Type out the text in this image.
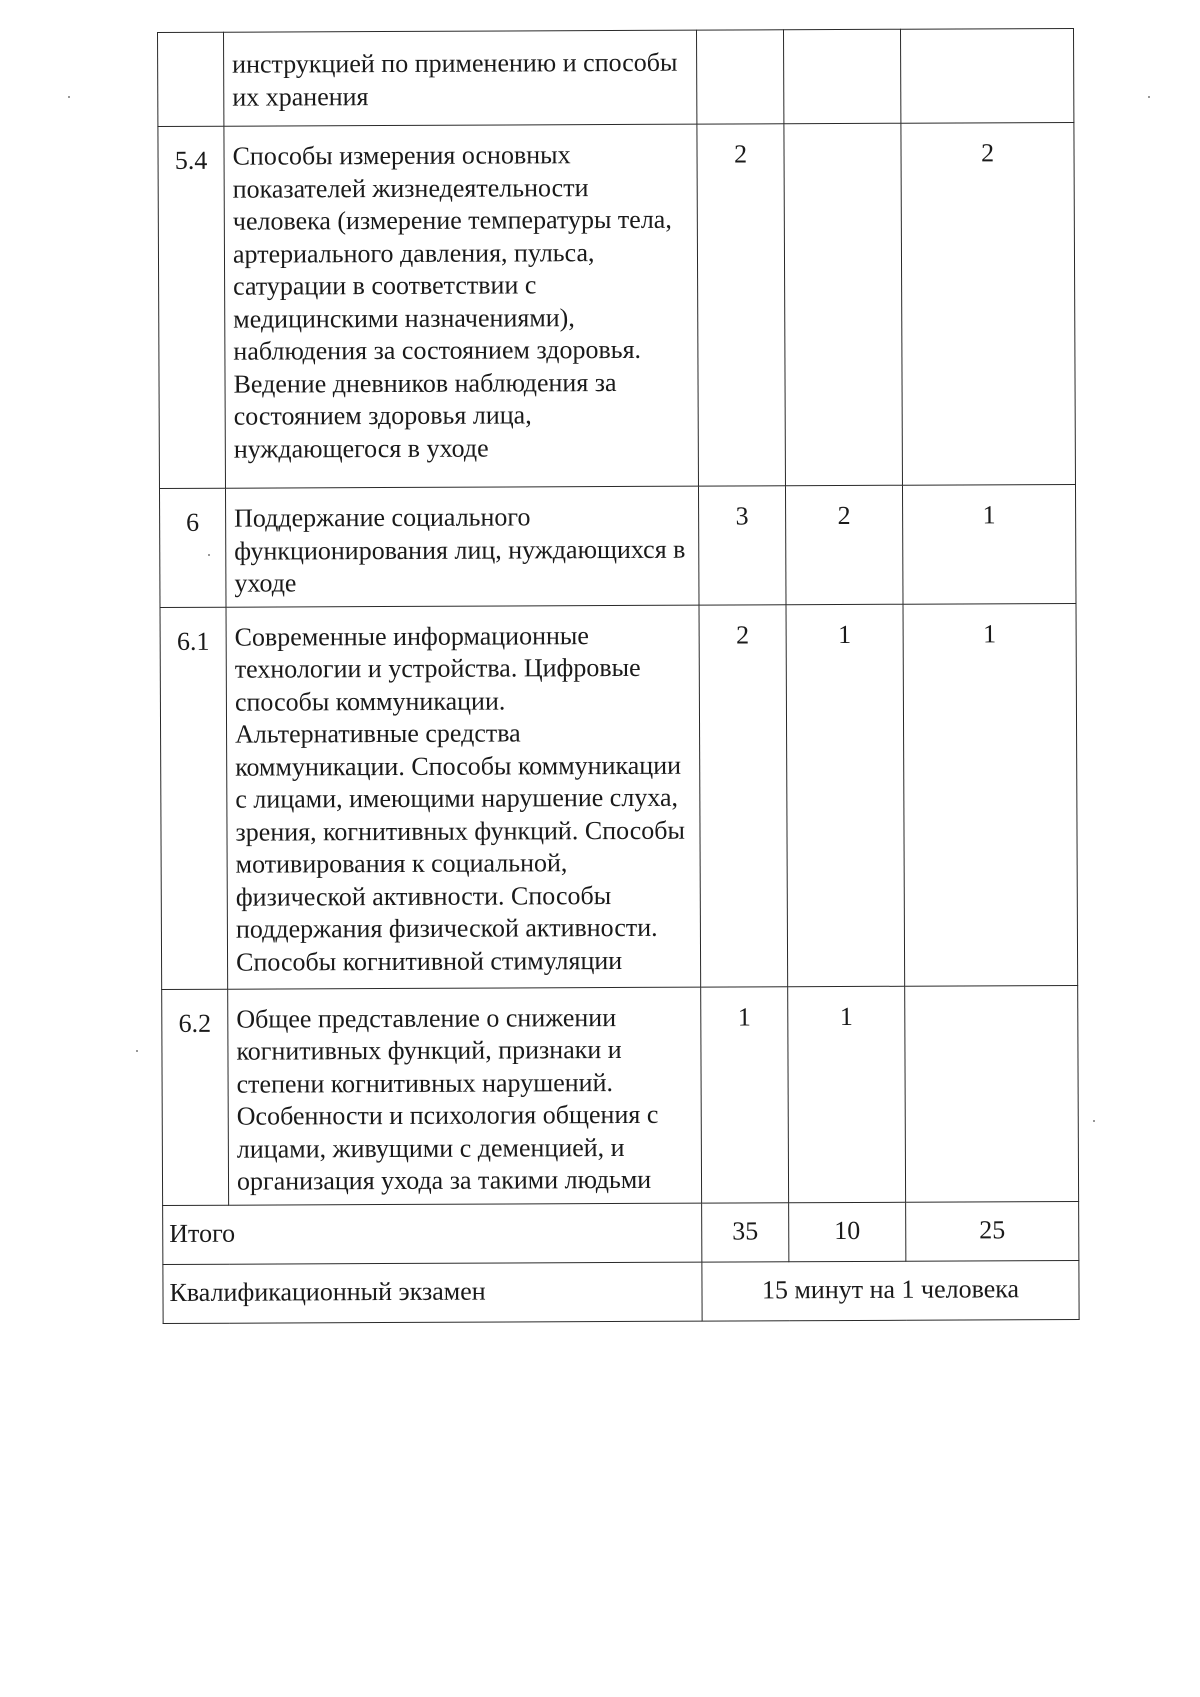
	инструкцией по применению и способы их хранения			

5.4	Способы измерения основных показателей жизнедеятельности человека (измерение температуры тела, артериального давления, пульса, сатурации в соответствии с медицинскими назначениями), наблюдения за состоянием здоровья. Ведение дневников наблюдения за состоянием здоровья лица, нуждающегося в уходе	2		2
6	Поддержание социального функционирования лиц, нуждающихся в уходе	3	2	1
6.1	Современные информационные технологии и устройства. Цифровые способы коммуникации. Альтернативные средства коммуникации. Способы коммуникации с лицами, имеющими нарушение слуха, зрения, когнитивных функций. Способы мотивирования к социальной, физической активности. Способы поддержания физической активности. Способы когнитивной стимуляции	2	1	1
6.2	Общее представление о снижении когнитивных функций, признаки и степени когнитивных нарушений. Особенности и психология общения с лицами, живущими с деменцией, и организация ухода за такими людьми	1	1	
Итого		35	10	25
Квалификационный экзамен		15 минут на 1 человека		
